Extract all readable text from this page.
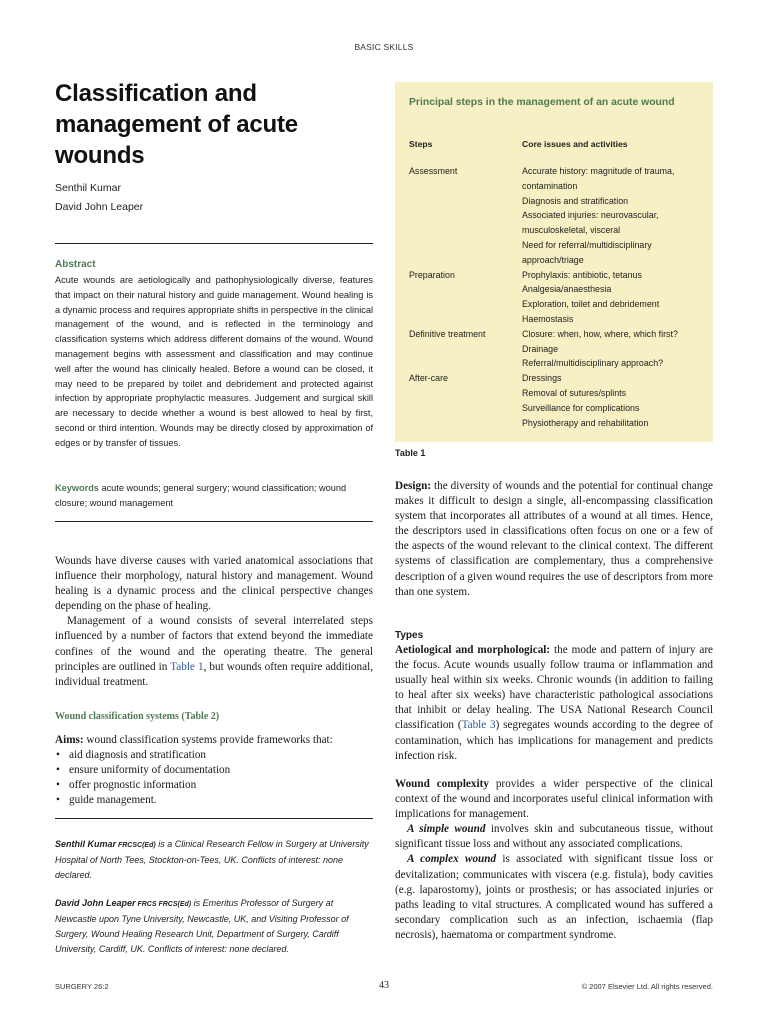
BASIC SKILLS
Classification and
management of acute
wounds
Senthil Kumar
David John Leaper
Abstract
Acute wounds are aetiologically and pathophysiologically diverse, features that impact on their natural history and guide management. Wound healing is a dynamic process and requires appropriate shifts in perspective in the clinical management of the wound, and is reflected in the terminology and classification systems which address different domains of the wound. Wound management begins with assessment and classification and may continue well after the wound has clinically healed. Before a wound can be closed, it may need to be prepared by toilet and debridement and protected against infection by appropriate prophylactic measures. Judgement and surgical skill are necessary to decide whether a wound is best allowed to heal by first, second or third intention. Wounds may be directly closed by approximation of edges or by transfer of tissues.
Keywords acute wounds; general surgery; wound classification; wound closure; wound management

Wounds have diverse causes with varied anatomical associations that influence their morphology, natural history and management. Wound healing is a dynamic process and the clinical perspective changes depending on the phase of healing.

Management of a wound consists of several interrelated steps influenced by a number of factors that extend beyond the immediate confines of the wound and the operating theatre. The general principles are outlined in Table 1, but wounds often require additional, individual treatment.

Wound classification systems (Table 2)

Aims: wound classification systems provide frameworks that:

• aid diagnosis and stratification
• ensure uniformity of documentation
• offer prognostic information
• guide management.
Senthil Kumar FRCSC(Ed) is a Clinical Research Fellow in Surgery at University Hospital of North Tees, Stockton-on-Tees, UK. Conflicts of interest: none declared.
David John Leaper FRCS FRCS(Ed) is Emeritus Professor of Surgery at Newcastle upon Tyne University, Newcastle, UK, and Visiting Professor of Surgery, Wound Healing Research Unit, Department of Surgery, Cardiff University, Cardiff, UK. Conflicts of interest: none declared.
Principal steps in the management of an acute wound
Steps	Core issues and activities
Assessment	Accurate history: magnitude of trauma, contamination
Diagnosis and stratification
Associated injuries: neurovascular, musculoskeletal, visceral
Need for referral/multidisciplinary approach/triage
Preparation	Prophylaxis: antibiotic, tetanus
Analgesia/anaesthesia
Exploration, toilet and debridement
Haemostasis
Definitive treatment	Closure: when, how, where, which first?
Drainage
Referral/multidisciplinary approach?
After-care	Dressings
Removal of sutures/splints
Surveillance for complications
Physiotherapy and rehabilitation
Table 1

Design: the diversity of wounds and the potential for continual change makes it difficult to design a single, all-encompassing classification system that incorporates all attributes of a wound at all times. Hence, the descriptors used in classifications often focus on one or a few of the aspects of the wound relevant to the clinical context. The different systems of classification are complementary, thus a comprehensive description of a given wound requires the use of descriptors from more than one system.

Types

Aetiological and morphological: the mode and pattern of injury are the focus. Acute wounds usually follow trauma or inflammation and usually heal within six weeks. Chronic wounds (in addition to failing to heal after six weeks) have characteristic pathological associations that inhibit or delay healing. The USA National Research Council classification (Table 3) segregates wounds according to the degree of contamination, which has implications for management and predicts infection risk.

Wound complexity provides a wider perspective of the clinical context of the wound and incorporates useful clinical information with implications for management.

A simple wound involves skin and subcutaneous tissue, without significant tissue loss and without any associated complications.

A complex wound is associated with significant tissue loss or devitalization; communicates with viscera (e.g. fistula), body cavities (e.g. laparostomy), joints or prosthesis; or has associated injuries or paths leading to vital structures. A complicated wound has suffered a secondary complication such as an infection, ischaemia (flap necrosis), haematoma or compartment syndrome.

SURGERY 26:2	43	© 2007 Elsevier Ltd. All rights reserved.
